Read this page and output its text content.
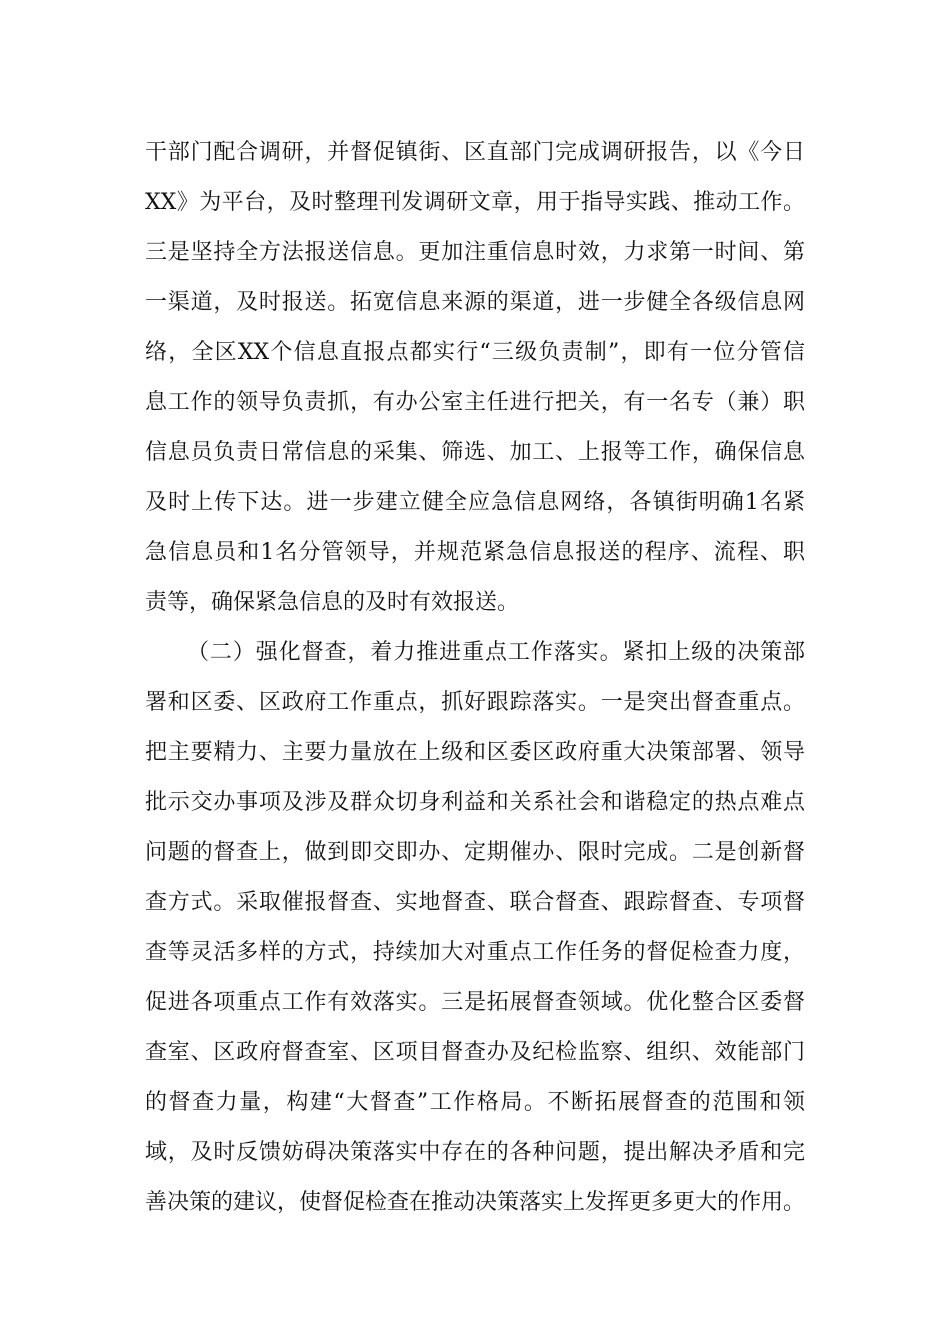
干部门配合调研，并督促镇街、区直部门完成调研报告，以《今日
XX》为平台，及时整理刊发调研文章，用于指导实践、推动工作。
三是坚持全方法报送信息。更加注重信息时效，力求第一时间、第
一渠道，及时报送。拓宽信息来源的渠道，进一步健全各级信息网
络，全区XX个信息直报点都实行“三级负责制”，即有一位分管信
息工作的领导负责抓，有办公室主任进行把关，有一名专（兼）职
信息员负责日常信息的采集、筛选、加工、上报等工作，确保信息
及时上传下达。进一步建立健全应急信息网络，各镇街明确1名紧
急信息员和1名分管领导，并规范紧急信息报送的程序、流程、职
责等，确保紧急信息的及时有效报送。
（二）强化督查，着力推进重点工作落实。紧扣上级的决策部
署和区委、区政府工作重点，抓好跟踪落实。一是突出督查重点。
把主要精力、主要力量放在上级和区委区政府重大决策部署、领导
批示交办事项及涉及群众切身利益和关系社会和谐稳定的热点难点
问题的督查上，做到即交即办、定期催办、限时完成。二是创新督
查方式。采取催报督查、实地督查、联合督查、跟踪督查、专项督
查等灵活多样的方式，持续加大对重点工作任务的督促检查力度，
促进各项重点工作有效落实。三是拓展督查领域。优化整合区委督
查室、区政府督查室、区项目督查办及纪检监察、组织、效能部门
的督查力量，构建“大督查”工作格局。不断拓展督查的范围和领
域，及时反馈妨碍决策落实中存在的各种问题，提出解决矛盾和完
善决策的建议，使督促检查在推动决策落实上发挥更多更大的作用。
